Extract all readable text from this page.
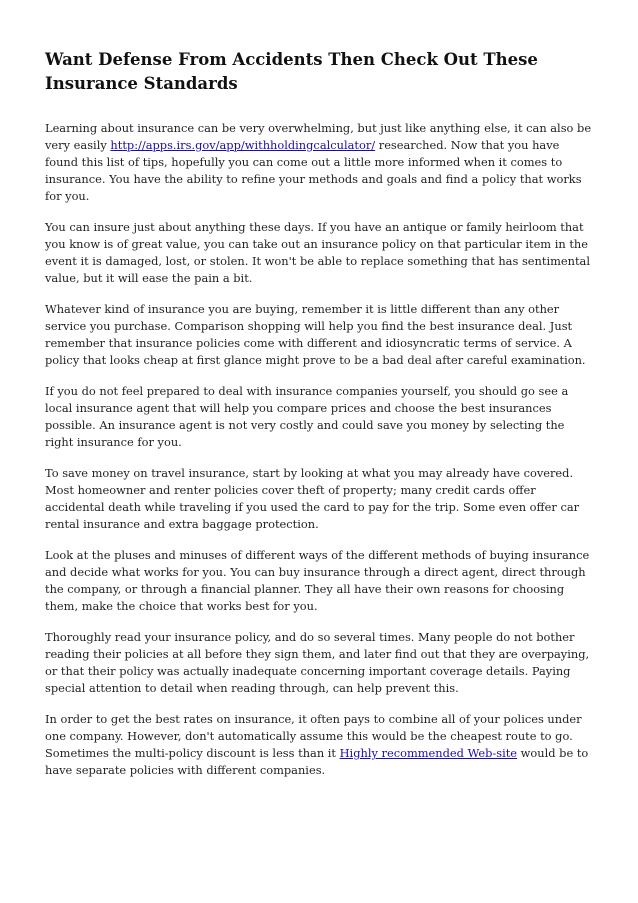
Want Defense From Accidents Then Check Out These Insurance Standards

Learning about insurance can be very overwhelming, but just like anything else, it can also be very easily http://apps.irs.gov/app/withholdingcalculator/ researched. Now that you have found this list of tips, hopefully you can come out a little more informed when it comes to insurance. You have the ability to refine your methods and goals and find a policy that works for you.

You can insure just about anything these days. If you have an antique or family heirloom that you know is of great value, you can take out an insurance policy on that particular item in the event it is damaged, lost, or stolen. It won't be able to replace something that has sentimental value, but it will ease the pain a bit.

Whatever kind of insurance you are buying, remember it is little different than any other service you purchase. Comparison shopping will help you find the best insurance deal. Just remember that insurance policies come with different and idiosyncratic terms of service. A policy that looks cheap at first glance might prove to be a bad deal after careful examination.

If you do not feel prepared to deal with insurance companies yourself, you should go see a local insurance agent that will help you compare prices and choose the best insurances possible. An insurance agent is not very costly and could save you money by selecting the right insurance for you.

To save money on travel insurance, start by looking at what you may already have covered. Most homeowner and renter policies cover theft of property; many credit cards offer accidental death while traveling if you used the card to pay for the trip. Some even offer car rental insurance and extra baggage protection.

Look at the pluses and minuses of different ways of the different methods of buying insurance and decide what works for you. You can buy insurance through a direct agent, direct through the company, or through a financial planner. They all have their own reasons for choosing them, make the choice that works best for you.

Thoroughly read your insurance policy, and do so several times. Many people do not bother reading their policies at all before they sign them, and later find out that they are overpaying, or that their policy was actually inadequate concerning important coverage details. Paying special attention to detail when reading through, can help prevent this.

In order to get the best rates on insurance, it often pays to combine all of your polices under one company. However, don't automatically assume this would be the cheapest route to go. Sometimes the multi-policy discount is less than it Highly recommended Web-site would be to have separate policies with different companies.
